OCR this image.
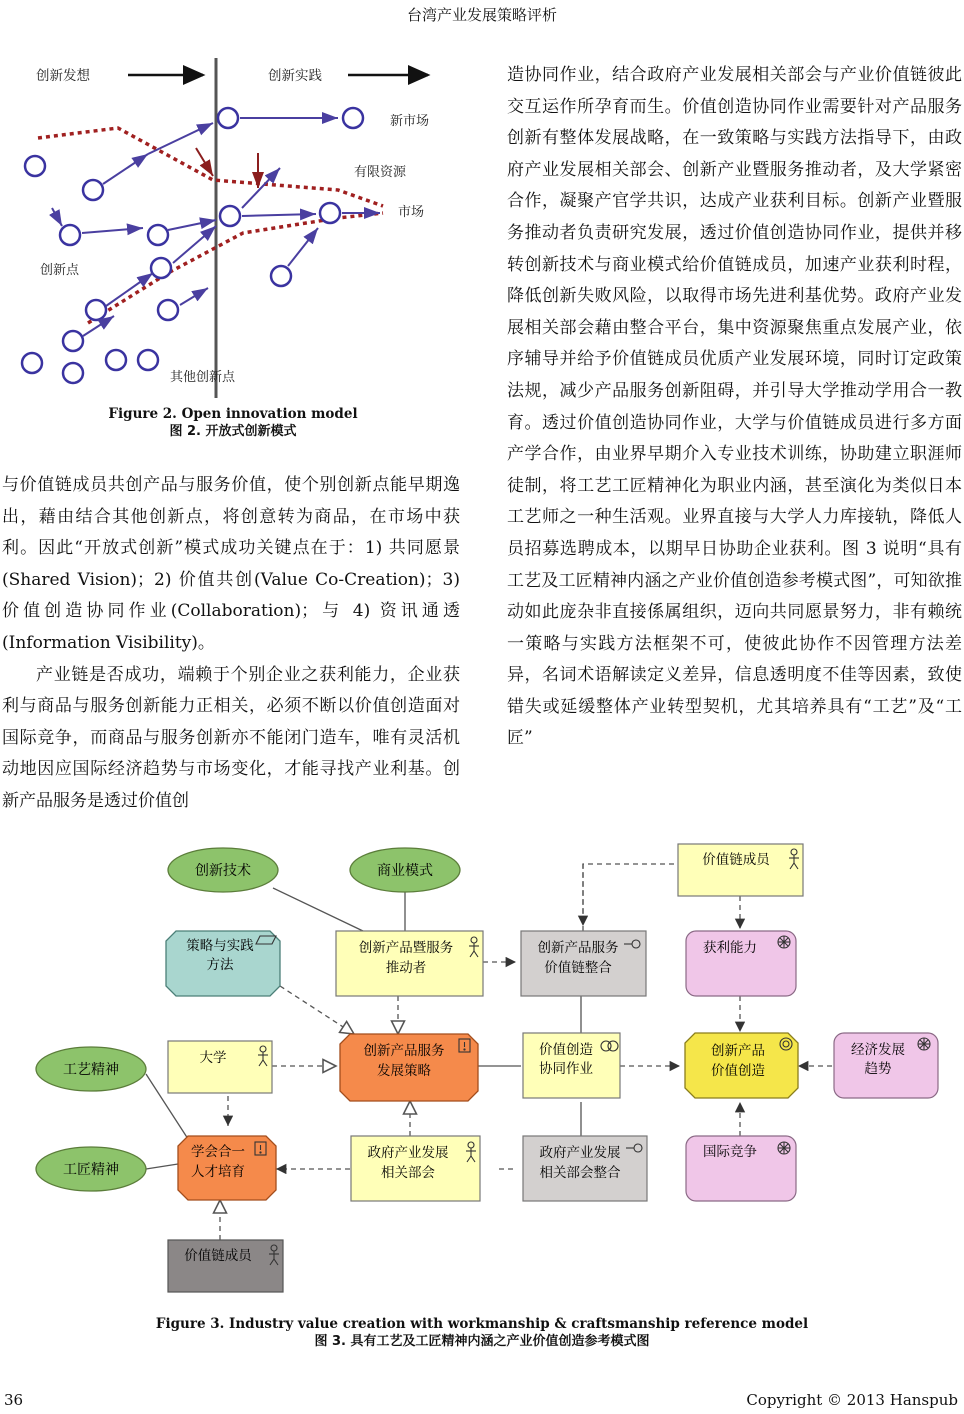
台湾产业发展策略评析
创新发想	创新实践
新市场
有限资源
市场
创新点
其他创新点
Figure 2. Open innovation model
图 2. 开放式创新模式

造协同作业，结合政府产业发展相关部会与产业价值链彼此交互运作所孕育而生。价值创造协同作业需要针对产品服务创新有整体发展战略，在一致策略与实践方法指导下，由政府产业发展相关部会、创新产业暨服务推动者，及大学紧密合作，凝聚产官学共识，达成产业获利目标。创新产业暨服务推动者负责研究发展，透过价值创造协同作业，提供并移转创新技术与商业模式给价值链成员，加速产业获利时程，降低创新失败风险，以取得市场先进利基优势。政府产业发展相关部会藉由整合平台，集中资源聚焦重点发展产业，依序辅导并给予价值链成员优质产业发展环境，同时订定政策法规，减少产品服务创新阻碍，并引导大学推动学用合一教育。透过价值创造协同作业，大学与价值链成员进行多方面产学合作，由业界早期介入专业技术训练，协助建立职涯师徒制，将工艺工匠精神化为职业内涵，甚至演化为类似日本工艺师之一种生活观。业界直接与大学人力库接轨，降低人员招募选聘成本，以期早日协助企业获利。图 3 说明“具有工艺及工匠精神内涵之产业价值创造参考模式图”，可知欲推动如此庞杂非直接係属组织，迈向共同愿景努力，非有赖统一策略与实践方法框架不可，使彼此协作不因管理方法差异，名词术语解读定义差异，信息透明度不佳等因素，致使错失或延缓整体产业转型契机，尤其培养具有“工艺”及“工匠”

与价值链成员共创产品与服务价值，使个别创新点能早期逸出，藉由结合其他创新点，将创意转为商品，在市场中获利。因此“开放式创新”模式成功关键点在于：1) 共同愿景(Shared Vision)；2) 价值共创(Value Co-Creation)；3) 价值创造协同作业(Collaboration)；与 4) 资讯通透(Information Visibility)。

产业链是否成功，端赖于个别企业之获利能力，企业获利与商品与服务创新能力正相关，必须不断以价值创造面对国际竞争，而商品与服务创新亦不能闭门造车，唯有灵活机动地因应国际经济趋势与市场变化，才能寻找产业利基。创新产品服务是透过价值创

创新技术	商业模式
工艺精神
工匠精神
策略与实践
方法
创新产品暨服务
推动者
价值链成员
大学	价值创造
协同作业
政府产业发展
相关部会
创新产品服务
价值链整合
政府产业发展
相关部会整合
价值链成员
获利能力
经济发展
趋势
国际竞争
创新产品服务
发展策略
学会合一
人才培育
创新产品
价值创造
Figure 3. Industry value creation with workmanship & craftsmanship reference model
图 3. 具有工艺及工匠精神内涵之产业价值创造参考模式图
36	Copyright © 2013 Hanspub
